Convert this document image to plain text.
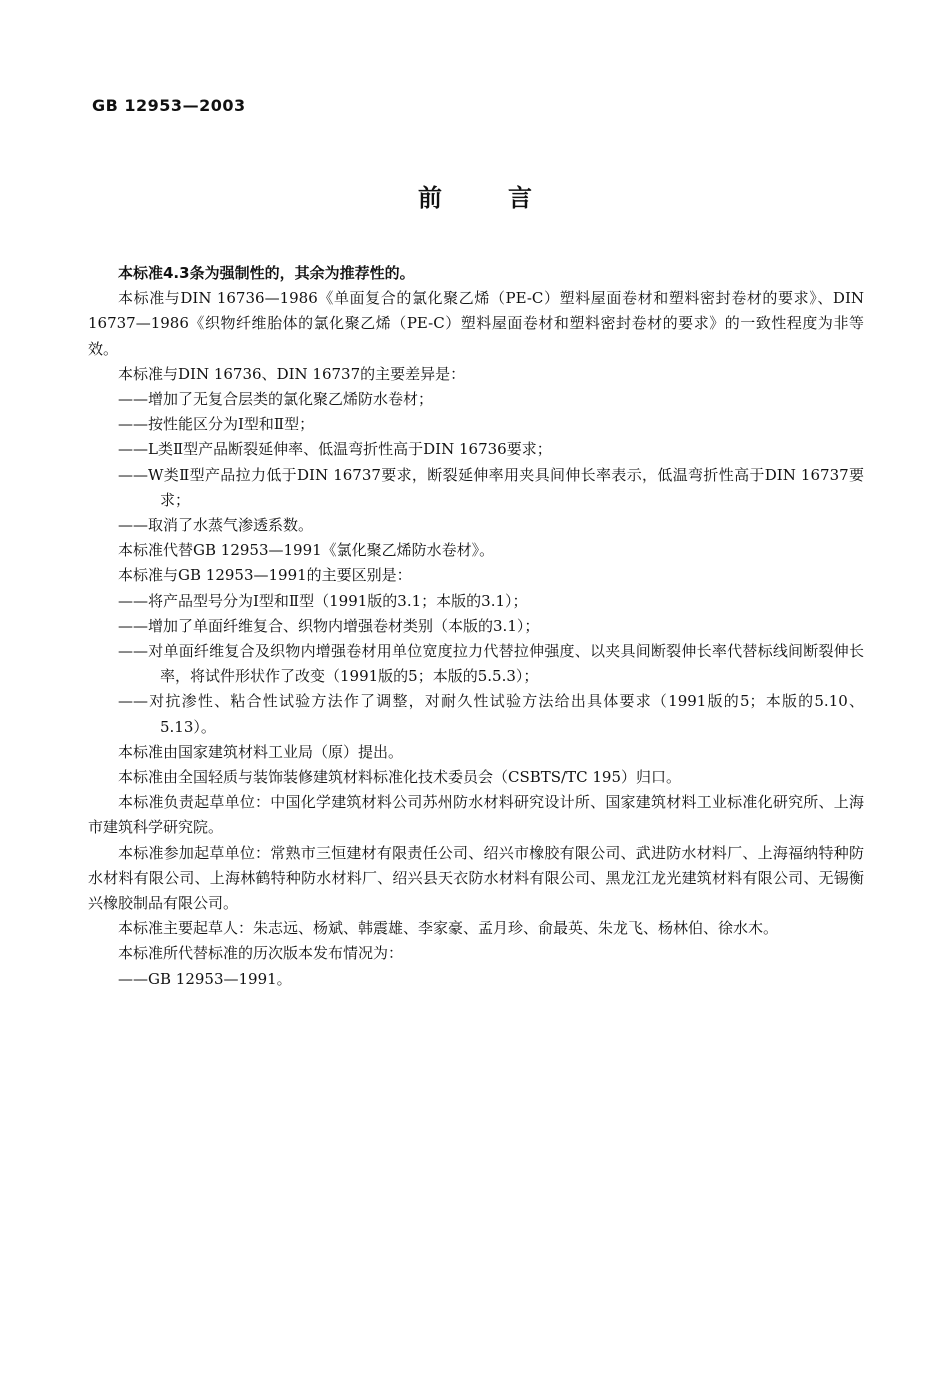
GB 12953—2003
前	言

本标准4.3条为强制性的，其余为推荐性的。

本标准与DIN 16736—1986《单面复合的氯化聚乙烯（PE-C）塑料屋面卷材和塑料密封卷材的要求》、DIN 16737—1986《织物纤维胎体的氯化聚乙烯（PE-C）塑料屋面卷材和塑料密封卷材的要求》的一致性程度为非等效。

本标准与DIN 16736、DIN 16737的主要差异是：

——增加了无复合层类的氯化聚乙烯防水卷材；

——按性能区分为Ⅰ型和Ⅱ型；

——L类Ⅱ型产品断裂延伸率、低温弯折性高于DIN 16736要求；

——W类Ⅱ型产品拉力低于DIN 16737要求，断裂延伸率用夹具间伸长率表示，低温弯折性高于DIN 16737要求；

——取消了水蒸气渗透系数。

本标准代替GB 12953—1991《氯化聚乙烯防水卷材》。

本标准与GB 12953—1991的主要区别是：

——将产品型号分为Ⅰ型和Ⅱ型（1991版的3.1；本版的3.1）；

——增加了单面纤维复合、织物内增强卷材类别（本版的3.1）；

——对单面纤维复合及织物内增强卷材用单位宽度拉力代替拉伸强度、以夹具间断裂伸长率代替标线间断裂伸长率，将试件形状作了改变（1991版的5；本版的5.5.3）；

——对抗渗性、粘合性试验方法作了调整，对耐久性试验方法给出具体要求（1991版的5；本版的5.10、5.13）。

本标准由国家建筑材料工业局（原）提出。

本标准由全国轻质与装饰装修建筑材料标准化技术委员会（CSBTS/TC 195）归口。

本标准负责起草单位：中国化学建筑材料公司苏州防水材料研究设计所、国家建筑材料工业标准化研究所、上海市建筑科学研究院。

本标准参加起草单位：常熟市三恒建材有限责任公司、绍兴市橡胶有限公司、武进防水材料厂、上海福纳特种防水材料有限公司、上海林鹤特种防水材料厂、绍兴县天衣防水材料有限公司、黑龙江龙光建筑材料有限公司、无锡衡兴橡胶制品有限公司。

本标准主要起草人：朱志远、杨斌、韩震雄、李家豪、孟月珍、俞最英、朱龙飞、杨林伯、徐水木。

本标准所代替标准的历次版本发布情况为：

——GB 12953—1991。
